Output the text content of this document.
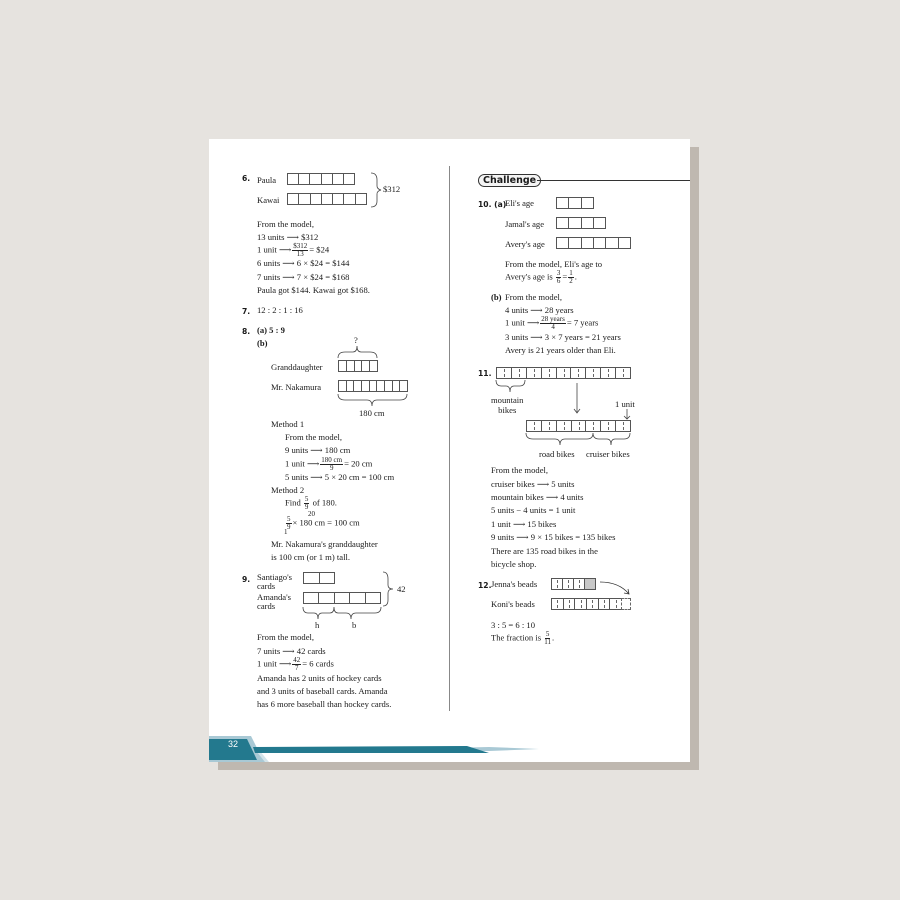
6. Paula
Kawai
$312
From the model,
13 units ⟶ $312
1 unit ⟶ $\frac{\$312}{13}$ = $24
6 units ⟶ 6 × $24 = $144
7 units ⟶ 7 × $24 = $168
Paula got $144. Kawai got $168.
7. 12 : 2 : 1 : 16
8. (a) 5 : 9
(b)	?
Granddaughter
Mr. Nakamura
180 cm
Method 1
From the model,
9 units ⟶ 180 cm
1 unit ⟶ $\frac{180 cm}{9} = 20$ cm
5 units ⟶ 5 × 20 cm = 100 cm
Method 2
Find $\frac{5}{9}$ of 180.
20
$\frac{5}{9} \times 180$ cm = 100 cm
1
Mr. Nakamura's granddaughter
is 100 cm (or 1 m) tall.
9. Santiago's
cards
Amanda's
cards
42
h	b
From the model,
7 units ⟶ 42 cards
1 unit ⟶ $\frac{42}{7} = 6$ cards
Amanda has 2 units of hockey cards
and 3 units of baseball cards. Amanda
has 6 more baseball than hockey cards.
Challenge
10. (a)
Eli's age
Jamal's age
Avery's age
From the model, Eli's age to
Avery's age is $\frac{3}{6} = \frac{1}{2}$ .
(b) From the model,
4 units ⟶ 28 years
1 unit ⟶ $\frac{\text{28 years}}{4} = 7$ years
3 units ⟶ 3 × 7 years = 21 years
Avery is 21 years older than Eli.
11.
mountain
bikes
1 unit
road bikes cruiser bikes
From the model,
cruiser bikes ⟶ 5 units
mountain bikes ⟶ 4 units
5 units − 4 units = 1 unit
1 unit ⟶ 15 bikes
9 units ⟶ 9 × 15 bikes = 135 bikes
There are 135 road bikes in the
bicycle shop.
12. Jenna's beads
Koni's beads
3 : 5 = 6 : 10
The fraction is $\frac{5}{11}$ .
32	Chapter 5 RATIOS
